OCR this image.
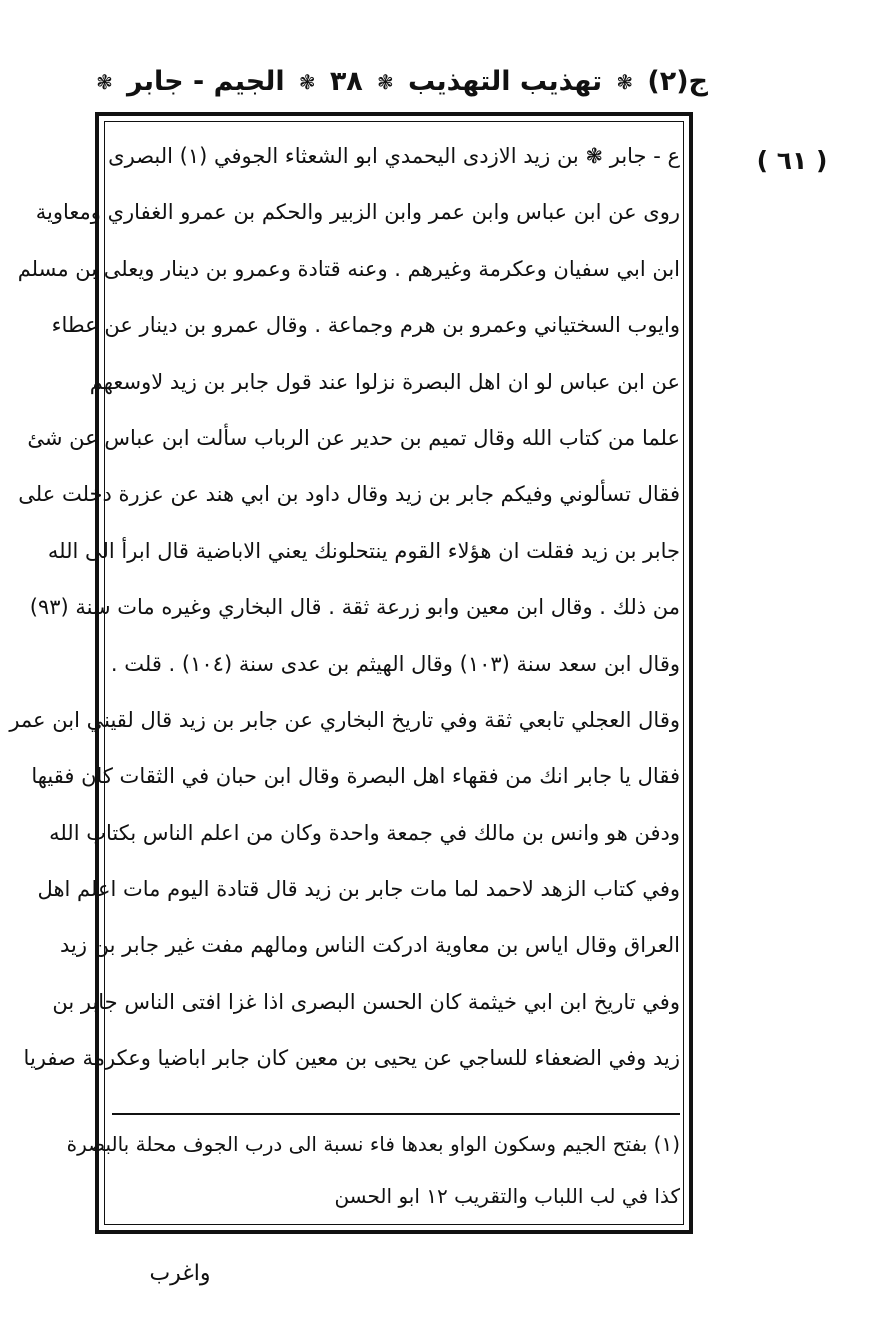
ج(٢)
❃
تهذيب التهذيب
❃
٣٨
❃
الجيم - جابر
❃
( ٦١ )
ع - جابر ❃ بن زيد الازدى اليحمدي ابو الشعثاء الجوفي (١) البصرى
روى عن ابن عباس وابن عمر وابن الزبير والحكم بن عمرو الغفاري ومعاوية
ابن ابي سفيان وعكرمة وغيرهم . وعنه قتادة وعمرو بن دينار ويعلى بن مسلم
وايوب السختياني وعمرو بن هرم وجماعة . وقال عمرو بن دينار عن عطاء
عن ابن عباس لو ان اهل البصرة نزلوا عند قول جابر بن زيد لاوسعهم
علما من كتاب الله وقال تميم بن حدير عن الرباب سألت ابن عباس عن شئ
فقال تسألوني وفيكم جابر بن زيد وقال داود بن ابي هند عن عزرة دخلت على
جابر بن زيد فقلت ان هؤلاء القوم ينتحلونك يعني الاباضية قال ابرأ الى الله
من ذلك . وقال ابن معين وابو زرعة ثقة . قال البخاري وغيره مات سنة (٩٣)
وقال ابن سعد سنة (١٠٣) وقال الهيثم بن عدى سنة (١٠٤) . قلت .
وقال العجلي تابعي ثقة وفي تاريخ البخاري عن جابر بن زيد قال لقيني ابن عمر
فقال يا جابر انك من فقهاء اهل البصرة وقال ابن حبان في الثقات كان فقيها
ودفن هو وانس بن مالك في جمعة واحدة وكان من اعلم الناس بكتاب الله
وفي كتاب الزهد لاحمد لما مات جابر بن زيد قال قتادة اليوم مات اعلم اهل
العراق وقال اياس بن معاوية ادركت الناس ومالهم مفت غير جابر بن زيد
وفي تاريخ ابن ابي خيثمة كان الحسن البصرى اذا غزا افتى الناس جابر بن
زيد وفي الضعفاء للساجي عن يحيى بن معين كان جابر اباضيا وعكرمة صفريا
(١) بفتح الجيم وسكون الواو بعدها فاء نسبة الى درب الجوف محلة بالبصرة
كذا في لب اللباب والتقريب ١٢ ابو الحسن
واغرب
